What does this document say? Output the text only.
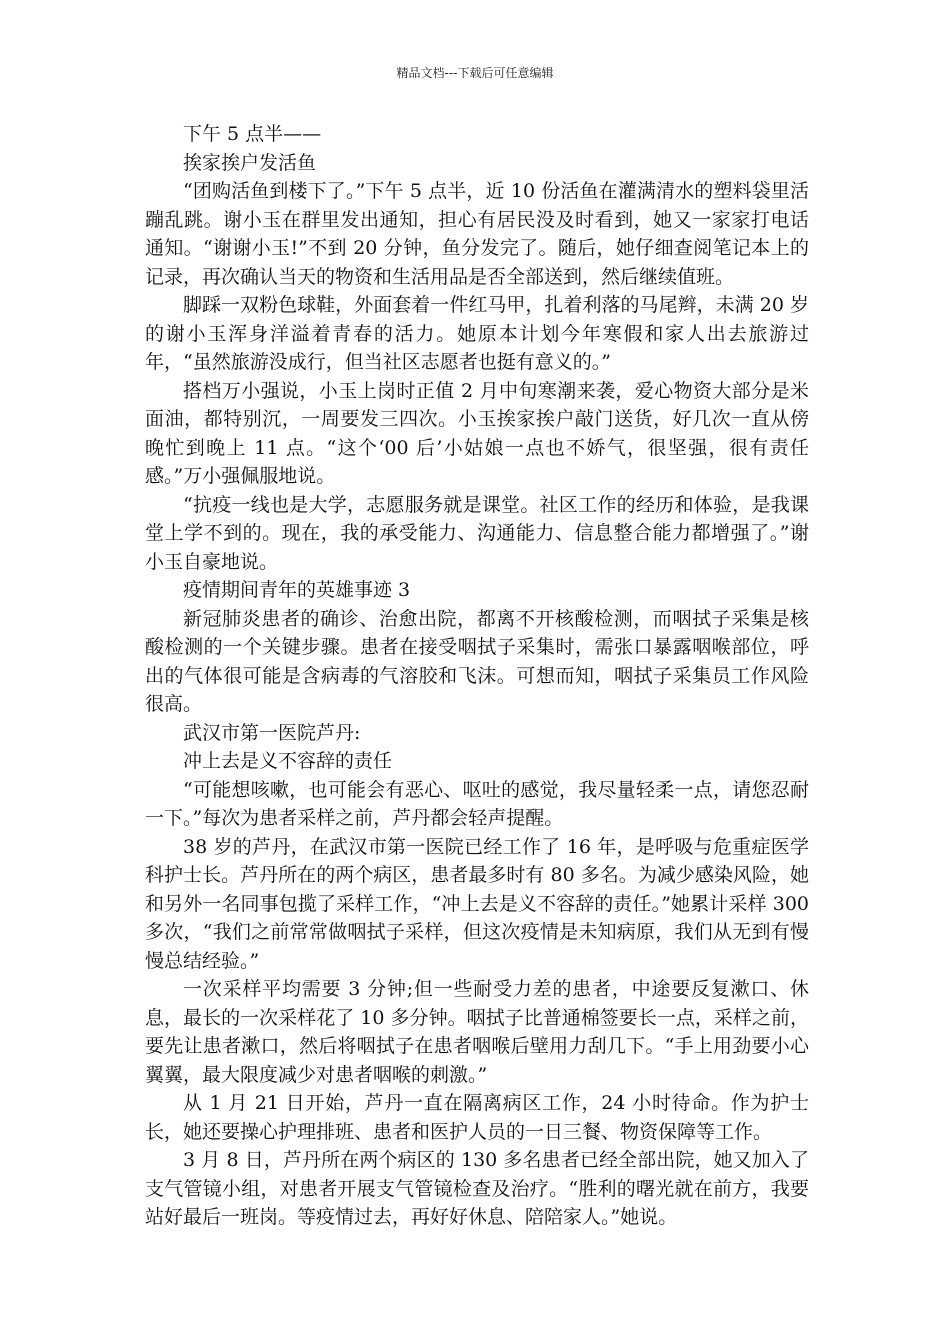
精品文档---下载后可任意编辑

下午 5 点半——

挨家挨户发活鱼

“团购活鱼到楼下了。”下午 5 点半，近 10 份活鱼在灌满清水的塑料袋里活蹦乱跳。谢小玉在群里发出通知，担心有居民没及时看到，她又一家家打电话通知。“谢谢小玉!”不到 20 分钟，鱼分发完了。随后，她仔细查阅笔记本上的记录，再次确认当天的物资和生活用品是否全部送到，然后继续值班。

脚踩一双粉色球鞋，外面套着一件红马甲，扎着利落的马尾辫，未满 20 岁的谢小玉浑身洋溢着青春的活力。她原本计划今年寒假和家人出去旅游过年，“虽然旅游没成行，但当社区志愿者也挺有意义的。”

搭档万小强说，小玉上岗时正值 2 月中旬寒潮来袭，爱心物资大部分是米面油，都特别沉，一周要发三四次。小玉挨家挨户敲门送货，好几次一直从傍晚忙到晚上 11 点。“这个‘00 后’小姑娘一点也不娇气，很坚强，很有责任感。”万小强佩服地说。

“抗疫一线也是大学，志愿服务就是课堂。社区工作的经历和体验，是我课堂上学不到的。现在，我的承受能力、沟通能力、信息整合能力都增强了。”谢小玉自豪地说。

疫情期间青年的英雄事迹 3

新冠肺炎患者的确诊、治愈出院，都离不开核酸检测，而咽拭子采集是核酸检测的一个关键步骤。患者在接受咽拭子采集时，需张口暴露咽喉部位，呼出的气体很可能是含病毒的气溶胶和飞沫。可想而知，咽拭子采集员工作风险很高。

武汉市第一医院芦丹:

冲上去是义不容辞的责任

“可能想咳嗽，也可能会有恶心、呕吐的感觉，我尽量轻柔一点，请您忍耐一下。”每次为患者采样之前，芦丹都会轻声提醒。

38 岁的芦丹，在武汉市第一医院已经工作了 16 年，是呼吸与危重症医学科护士长。芦丹所在的两个病区，患者最多时有 80 多名。为减少感染风险，她和另外一名同事包揽了采样工作，“冲上去是义不容辞的责任。”她累计采样 300 多次，“我们之前常常做咽拭子采样，但这次疫情是未知病原，我们从无到有慢慢总结经验。”

一次采样平均需要 3 分钟;但一些耐受力差的患者，中途要反复漱口、休息，最长的一次采样花了 10 多分钟。咽拭子比普通棉签要长一点，采样之前，要先让患者漱口，然后将咽拭子在患者咽喉后壁用力刮几下。“手上用劲要小心翼翼，最大限度减少对患者咽喉的刺激。”

从 1 月 21 日开始，芦丹一直在隔离病区工作，24 小时待命。作为护士长，她还要操心护理排班、患者和医护人员的一日三餐、物资保障等工作。

3 月 8 日，芦丹所在两个病区的 130 多名患者已经全部出院，她又加入了支气管镜小组，对患者开展支气管镜检查及治疗。“胜利的曙光就在前方，我要站好最后一班岗。等疫情过去，再好好休息、陪陪家人。”她说。
